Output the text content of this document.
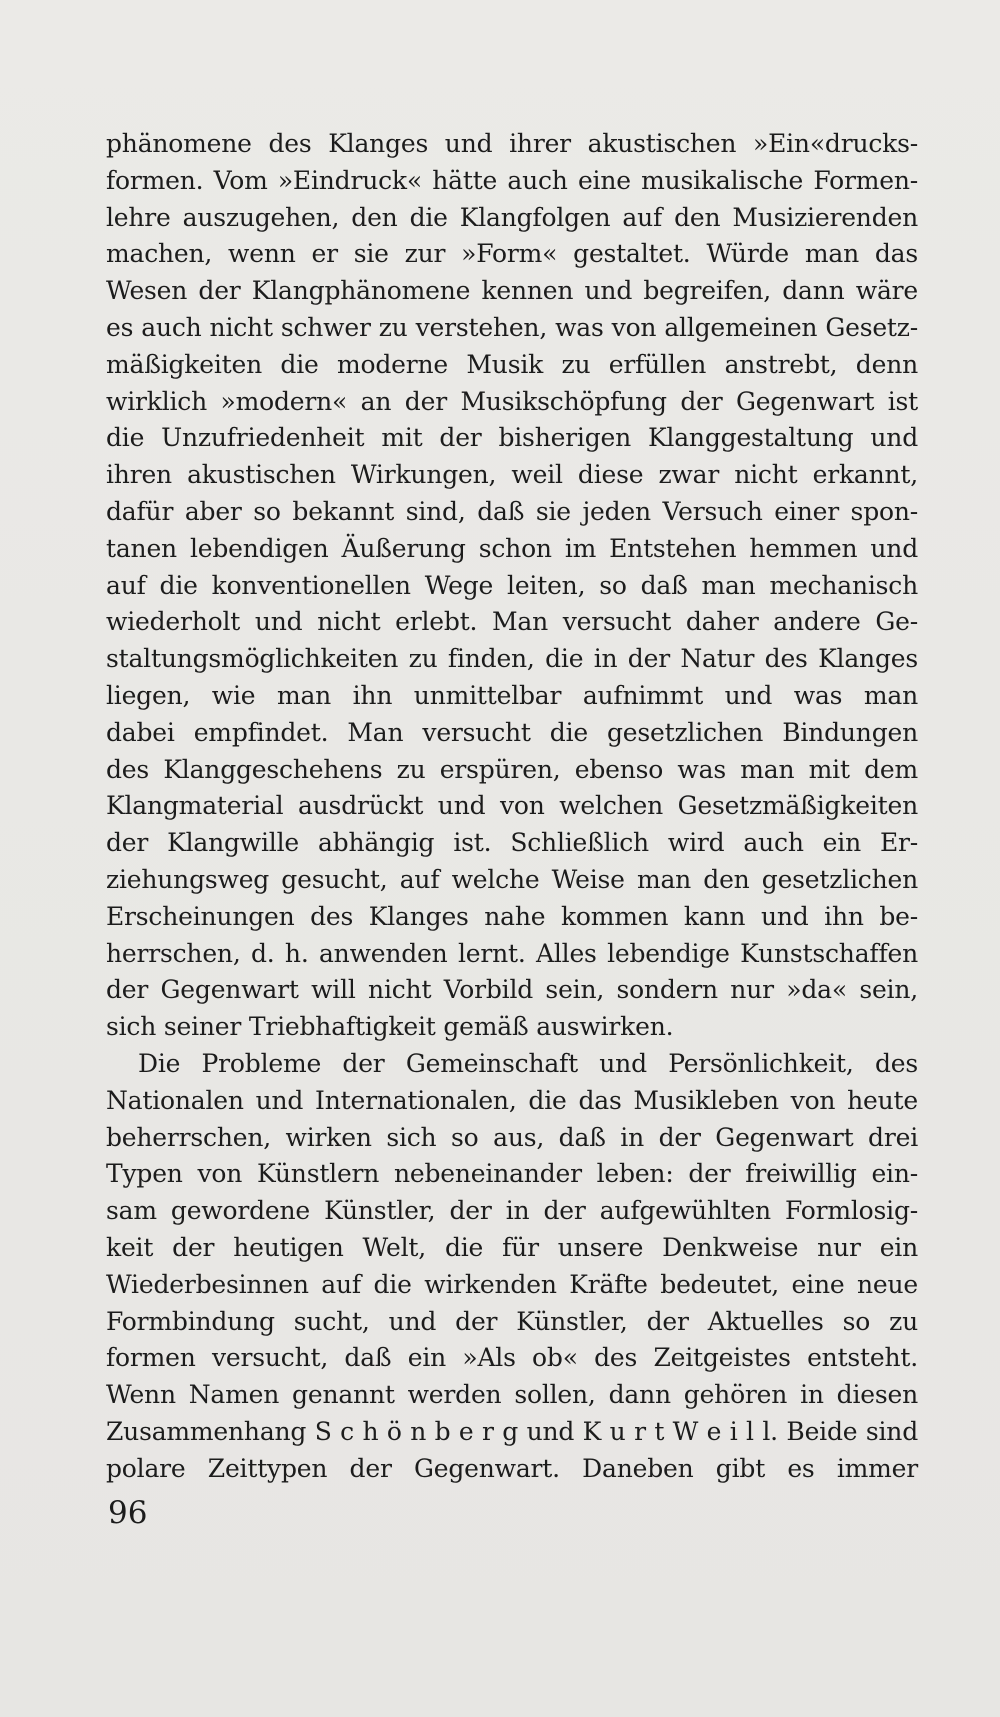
phänomene des Klanges und ihrer akustischen »Ein«drucks-
formen. Vom »Eindruck« hätte auch eine musikalische Formen-
lehre auszugehen, den die Klangfolgen auf den Musizierenden
machen, wenn er sie zur »Form« gestaltet. Würde man das
Wesen der Klangphänomene kennen und begreifen, dann wäre
es auch nicht schwer zu verstehen, was von allgemeinen Gesetz-
mäßigkeiten die moderne Musik zu erfüllen anstrebt, denn
wirklich »modern« an der Musikschöpfung der Gegenwart ist
die Unzufriedenheit mit der bisherigen Klanggestaltung und
ihren akustischen Wirkungen, weil diese zwar nicht erkannt,
dafür aber so bekannt sind, daß sie jeden Versuch einer spon-
tanen lebendigen Äußerung schon im Entstehen hemmen und
auf die konventionellen Wege leiten, so daß man mechanisch
wiederholt und nicht erlebt. Man versucht daher andere Ge-
staltungsmöglichkeiten zu finden, die in der Natur des Klanges
liegen, wie man ihn unmittelbar aufnimmt und was man
dabei empfindet. Man versucht die gesetzlichen Bindungen
des Klanggeschehens zu erspüren, ebenso was man mit dem
Klangmaterial ausdrückt und von welchen Gesetzmäßigkeiten
der Klangwille abhängig ist. Schließlich wird auch ein Er-
ziehungsweg gesucht, auf welche Weise man den gesetzlichen
Erscheinungen des Klanges nahe kommen kann und ihn be-
herrschen, d. h. anwenden lernt. Alles lebendige Kunstschaffen
der Gegenwart will nicht Vorbild sein, sondern nur »da« sein,
sich seiner Triebhaftigkeit gemäß auswirken.
Die Probleme der Gemeinschaft und Persönlichkeit, des
Nationalen und Internationalen, die das Musikleben von heute
beherrschen, wirken sich so aus, daß in der Gegenwart drei
Typen von Künstlern nebeneinander leben: der freiwillig ein-
sam gewordene Künstler, der in der aufgewühlten Formlosig-
keit der heutigen Welt, die für unsere Denkweise nur ein
Wiederbesinnen auf die wirkenden Kräfte bedeutet, eine neue
Formbindung sucht, und der Künstler, der Aktuelles so zu
formen versucht, daß ein »Als ob« des Zeitgeistes entsteht.
Wenn Namen genannt werden sollen, dann gehören in diesen
Zusammenhang S c h ö n b e r g und K u r t W e i l l. Beide sind
polare Zeittypen der Gegenwart. Daneben gibt es immer
96
